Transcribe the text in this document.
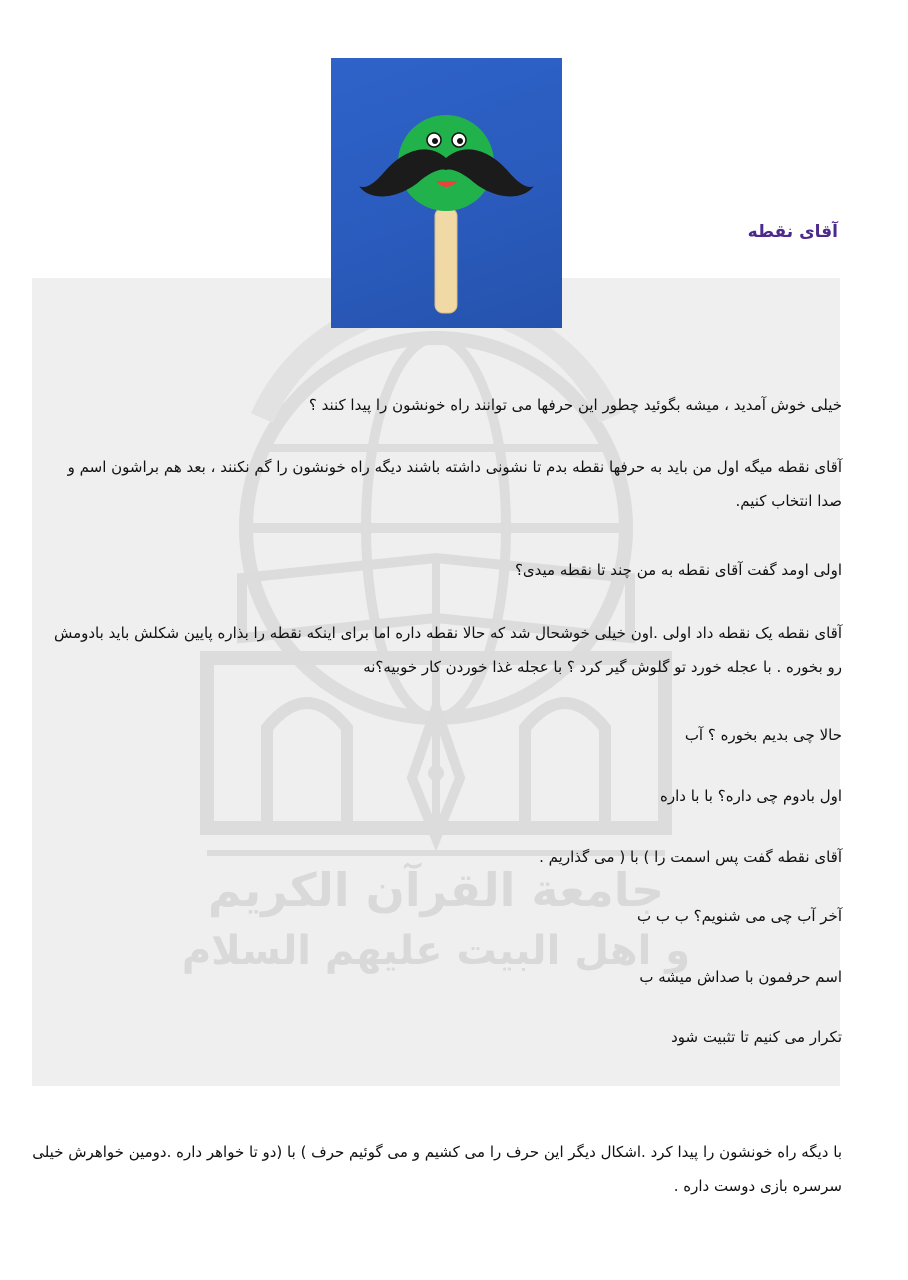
جامعة القرآن الكريم
و اهل البيت عليهم السلام
آقای نقطه
خیلی خوش آمدید ، میشه بگوئید چطور این حرفها می توانند راه خونشون را پیدا کنند ؟
آقای نقطه میگه اول من باید به حرفها نقطه بدم تا نشونی داشته باشند دیگه راه خونشون را گم نکنند ، بعد هم براشون اسم و صدا انتخاب کنیم.
اولی اومد گفت آقای نقطه به من چند تا نقطه میدی؟
آقای نقطه یک نقطه داد اولی .اون خیلی خوشحال شد که حالا نقطه داره اما برای اینکه نقطه را بذاره پایین شکلش باید بادومش رو بخوره . با عجله خورد تو گلوش گیر کرد ؟ با عجله غذا خوردن کار خوبیه؟نه
حالا چی بدیم بخوره ؟ آب
اول بادوم چی داره؟ با با داره
آقای نقطه گفت پس اسمت را ) با ( می گذاریم .
آخر آب چی می شنویم؟ ب ب ب
اسم حرفمون با صداش میشه ب
تکرار می کنیم تا تثبیت شود
با دیگه راه خونشون را پیدا کرد .اشکال دیگر این حرف را می کشیم و می گوئیم حرف ) با (دو تا خواهر داره .دومین خواهرش خیلی سرسره بازی دوست داره .
